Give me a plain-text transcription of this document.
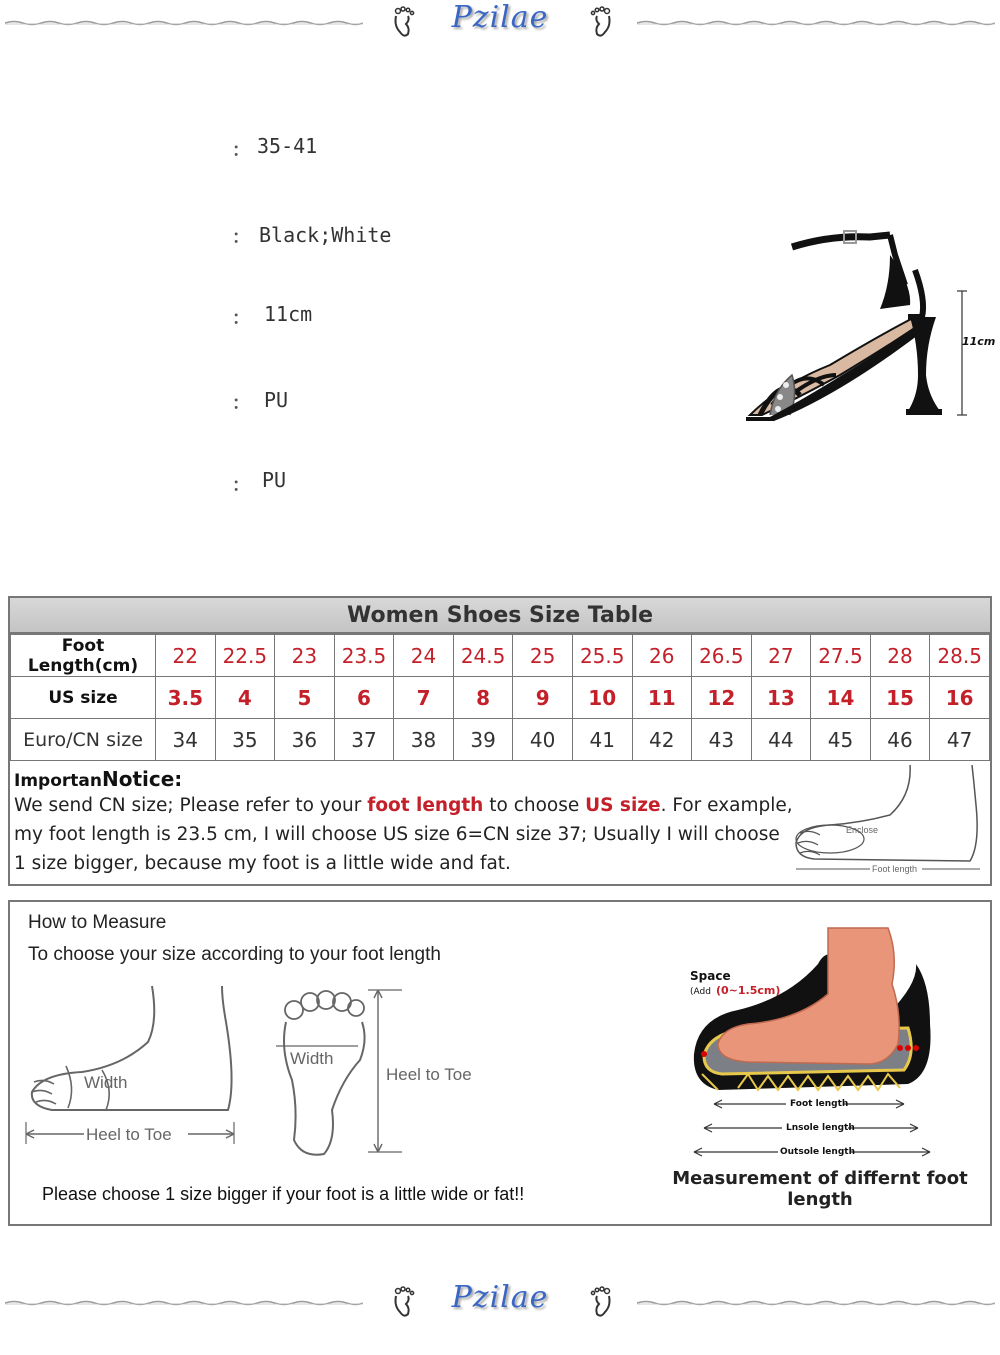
Pzilae
： 35-41
： Black;White
： 11cm
： PU
： PU
11cm
Women Shoes Size Table
Foot Length(cm)	22	22.5	23	23.5	24	24.5	25	25.5	26	26.5	27	27.5	28	28.5
US size	3.5	4	5	6	7	8	9	10	11	12	13	14	15	16
Euro/CN size	34	35	36	37	38	39	40	41	42	43	44	45	46	47
ImportanNotice:
We send CN size; Please refer to your foot length to choose US size. For example,
my foot length is 23.5 cm, I will choose US size 6=CN size 37; Usually I will choose
1 size bigger, because my foot is a little wide and fat.
Enclose
Foot length
How to Measure
To choose your size according to your foot length
Width
Heel to Toe
Width
Heel to Toe
Space
(Add (0~1.5cm)
Foot length
Lnsole length
Outsole length
Measurement of differnt foot length
Please choose 1 size bigger if your foot is a little wide or fat!!
Pzilae
